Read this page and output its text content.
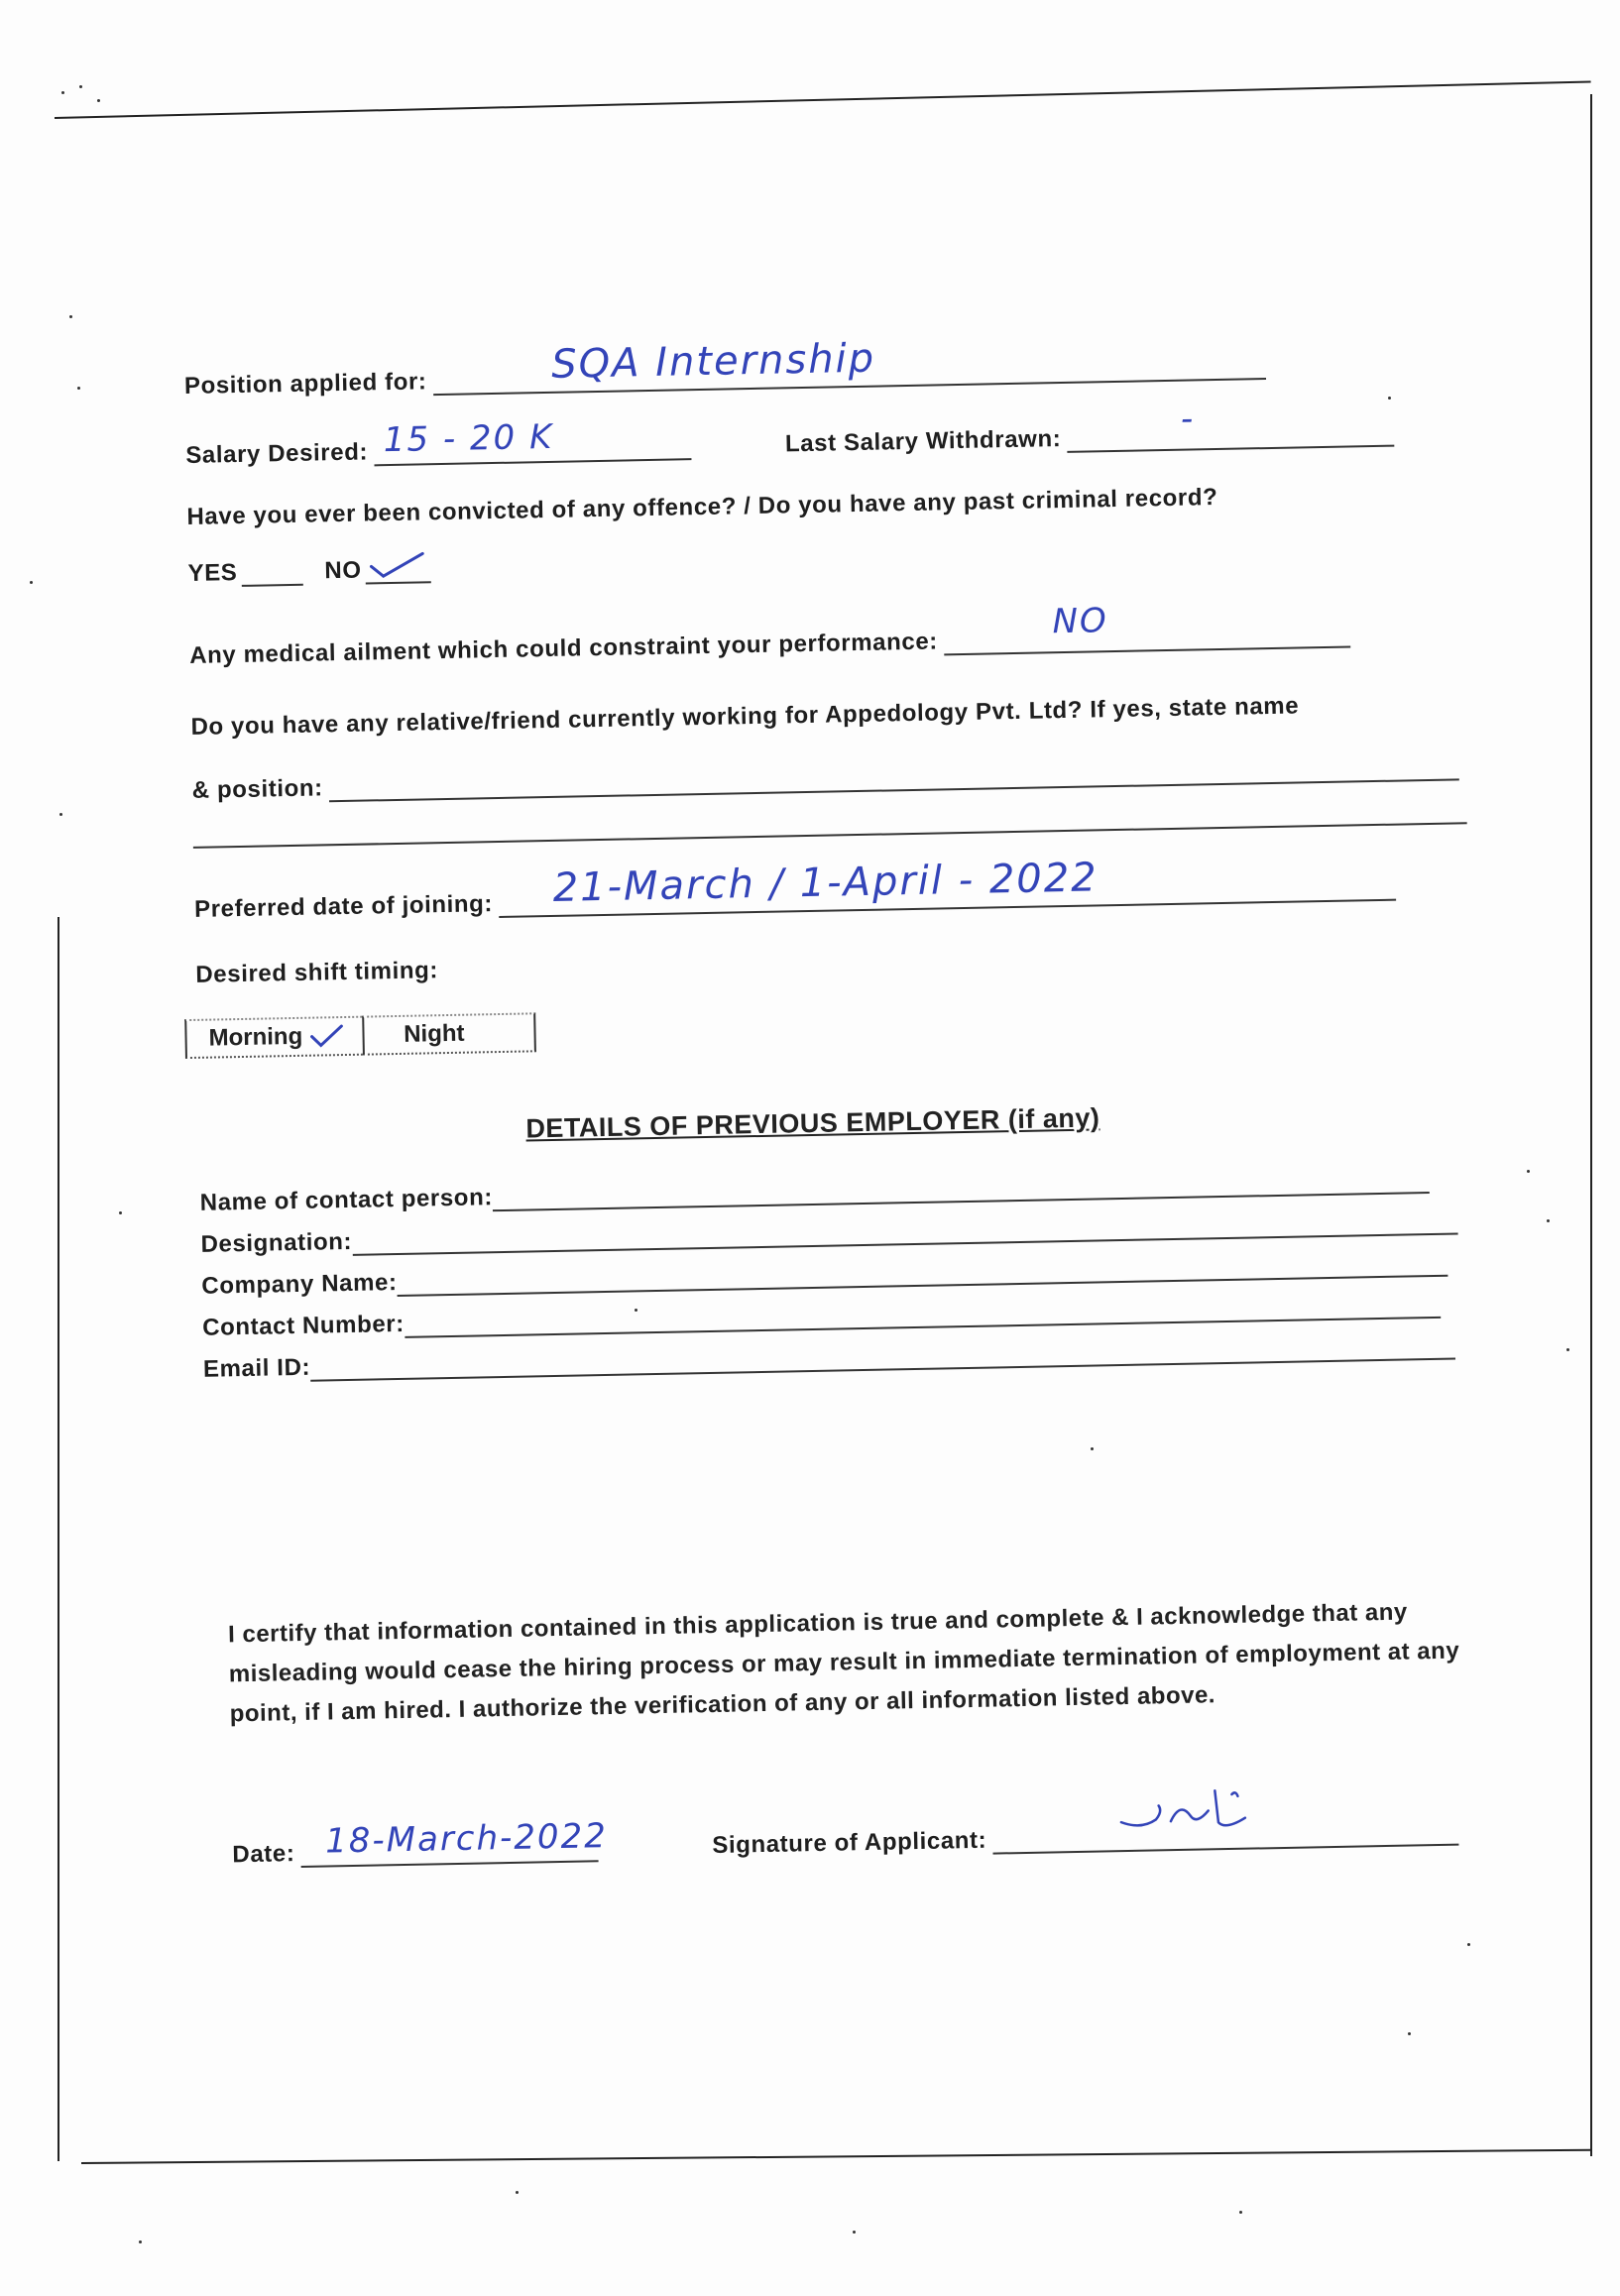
Position applied for:	SQA Internship
Salary Desired: 15 - 20 K	Last Salary Withdrawn:
-
Have you ever been convicted of any offence? / Do you have any past criminal record?
YES	NO
Any medical ailment which could constraint your performance:
NO
Do you have any relative/friend currently working for Appedology Pvt. Ltd? If yes, state name
& position:
Preferred date of joining: 21-March / 1-April - 2022
Desired shift timing:
Morning	Night
DETAILS OF PREVIOUS EMPLOYER (if any)
Name of contact person:
Designation:
Company Name:
Contact Number:
Email ID:
I certify that information contained in this application is true and complete & I acknowledge that any misleading would cease the hiring process or may result in immediate termination of employment at any point, if I am hired. I authorize the verification of any or all information listed above.
Date: 18-March-2022	Signature of Applicant:
